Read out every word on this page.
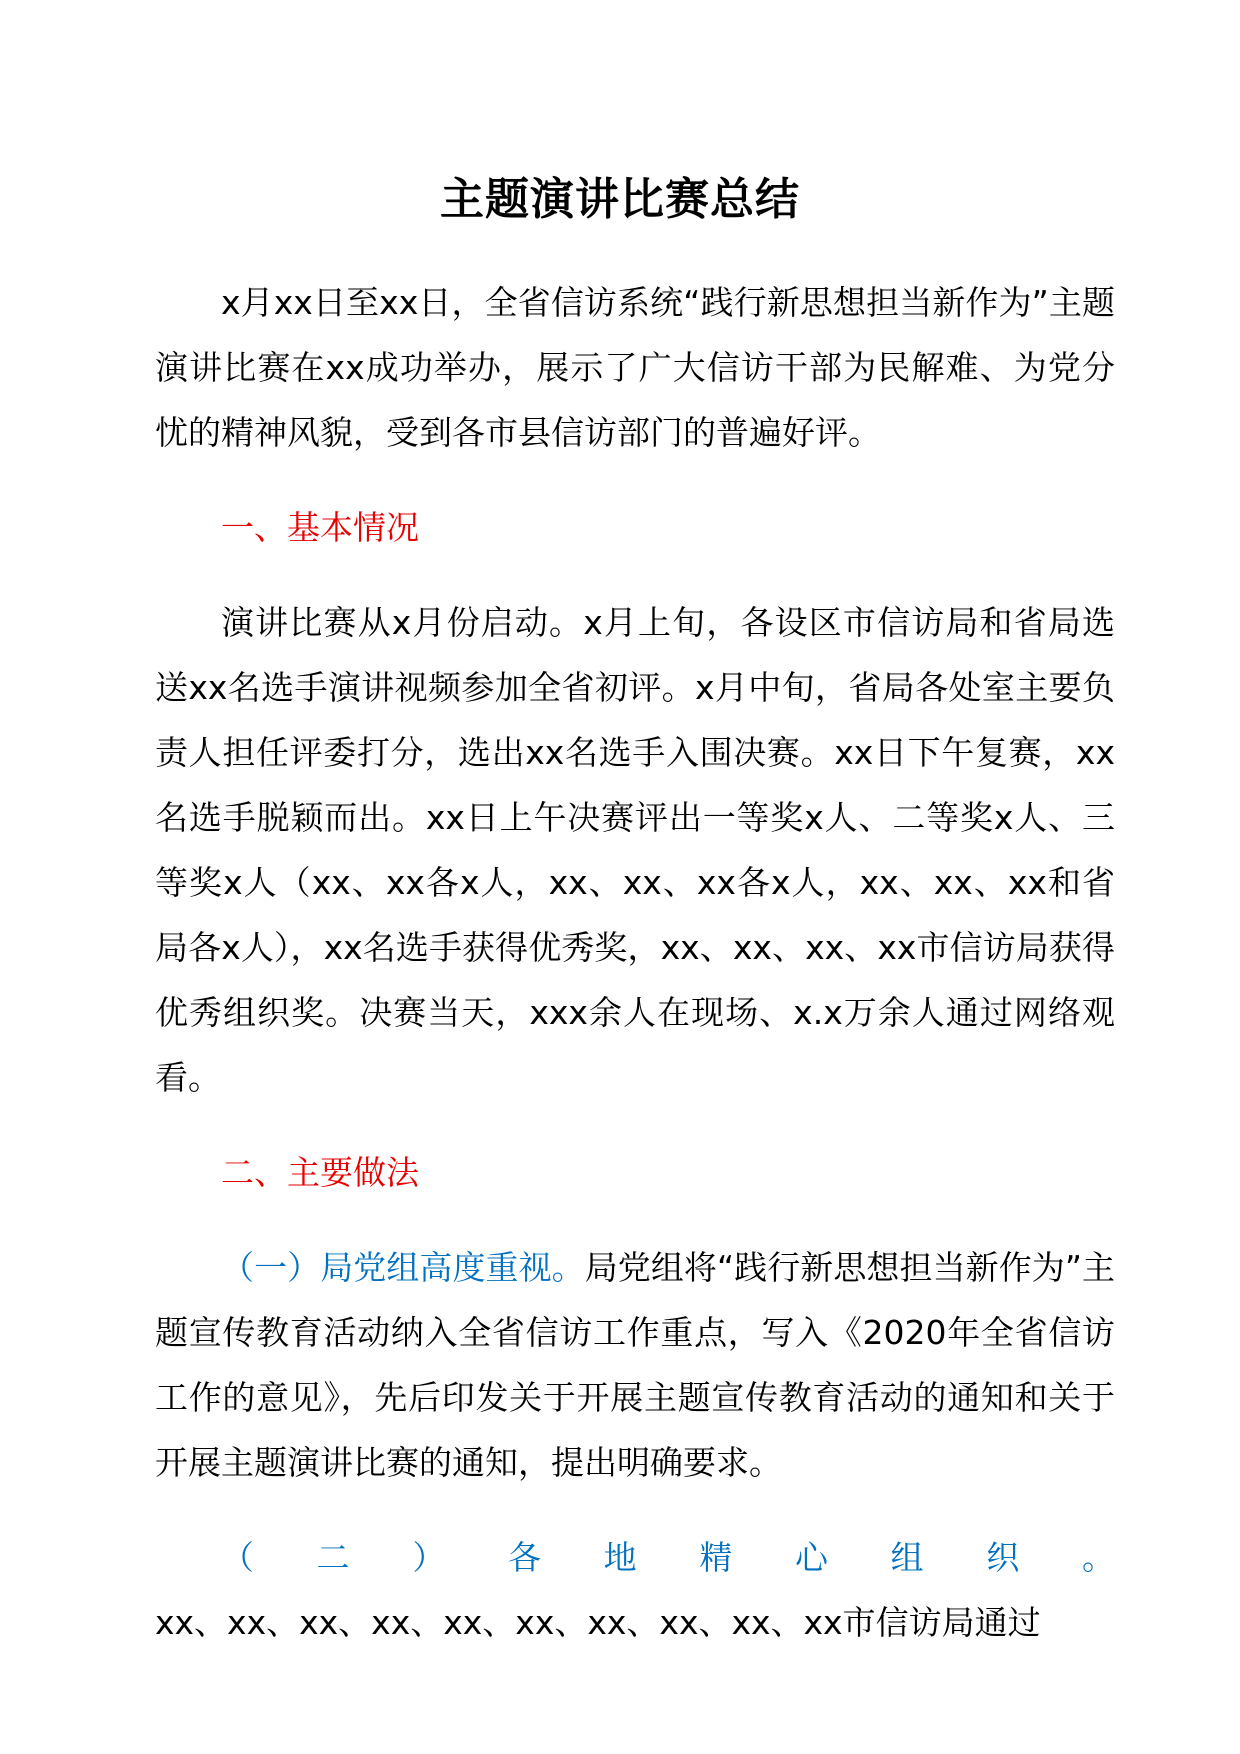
主题演讲比赛总结

x月xx日至xx日，全省信访系统“践行新思想担当新作为”主题演讲比赛在xx成功举办，展示了广大信访干部为民解难、为党分忧的精神风貌，受到各市县信访部门的普遍好评。

一、基本情况

演讲比赛从x月份启动。x月上旬，各设区市信访局和省局选送xx名选手演讲视频参加全省初评。x月中旬，省局各处室主要负责人担任评委打分，选出xx名选手入围决赛。xx日下午复赛，xx名选手脱颖而出。xx日上午决赛评出一等奖x人、二等奖x人、三等奖x人（xx、xx各x人，xx、xx、xx各x人，xx、xx、xx和省局各x人），xx名选手获得优秀奖，xx、xx、xx、xx市信访局获得优秀组织奖。决赛当天，xxx余人在现场、x.x万余人通过网络观看。

二、主要做法

（一）局党组高度重视。局党组将“践行新思想担当新作为”主题宣传教育活动纳入全省信访工作重点，写入《2020年全省信访工作的意见》，先后印发关于开展主题宣传教育活动的通知和关于开展主题演讲比赛的通知，提出明确要求。

（二）各地精心组织。

xx、xx、xx、xx、xx、xx、xx、xx、xx、xx市信访局通过
